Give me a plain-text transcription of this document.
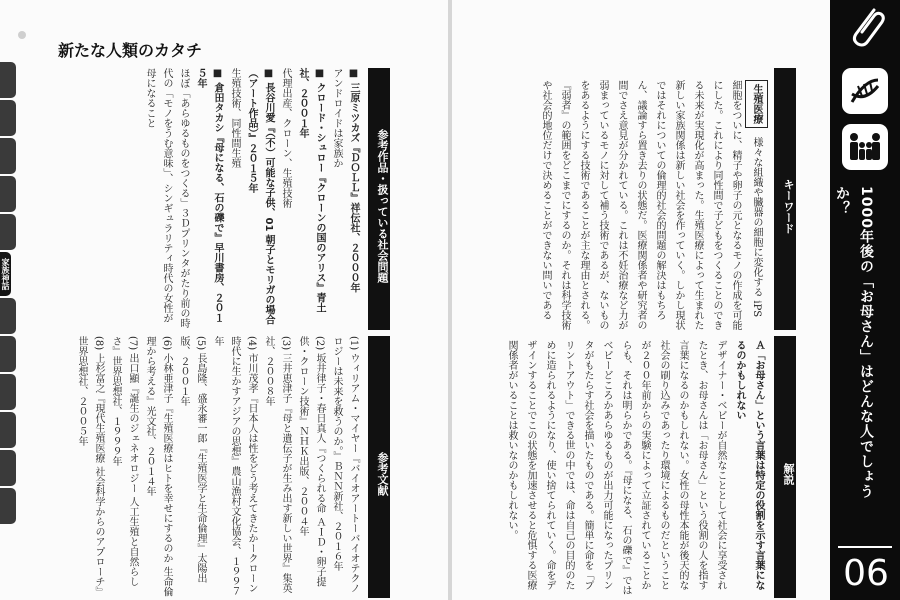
家族神話
新たな人類のカタチ
参考作品・扱っている社会問題
■ 三原ミツカズ『ＤＯＬＬ』祥伝社、２０００年
アンドロイドは家族か
■ クロード・シュロー『クローンの国のアリス』青土社、２００１年
代理出産、クローン、生殖技術
■ 長谷川愛『（不）可能な子供、01 朝子とモリガの場合（アート作品）』２０１５年
生殖技術、同性間生殖
■ 倉田タカシ『母になる、石の礫で』早川書房、２０１５年
ほぼ「あらゆるものをつくる」３Ｄプリンタがたり前の時代の「モノをうむ意味」、シンギュラリティ時代の女性が母になること
参考文献
(1) ウィリアム・マイヤー『バイオアートーバイオテクノロジーは未来を救うのか。』ＢＮＮ新社、２０１６年
(2) 坂井律子・春日真人『つくられる命 ＡＩＤ・卵子提供・クローン技術』ＮＨＫ出版、２００４年
(3) 三井恵津子『母と遺伝子が生み出す新しい世界』集英社、２００８年
(4) 市川茂孝『日本人は性をどう考えてきたかークローン時代に生かすアジアの思想』農山漁村文化協会、１９９７年
(5) 長島隆、盛永審一郎『生殖医学と生命倫理』太陽出版、２００１年
(6) 小林亜津子『生殖医療はヒトを幸せにするのか 生命倫理から考える』光文社、２０１４年
(7) 出口顯『誕生のジェネオロジー 人工生殖と自然らしさ』世界思想社、１９９９年
(8) 上杉富之『現代生殖医療 社会科学からのアプローチ』世界思想社、２００５年
キーワード
生殖医療 様々な組織や臓器の細胞に変化する iPS 細胞をついに、精子や卵子の元となるモノの作成を可能にした。これにより同性間で子どもをつくることのできる未来が実現化が高まった。生殖医療によって生まれた新しい家族関係は新しい社会を作っていく。しかし現状ではそれについての倫理的社会的問題の解決はもちろん、議論すら置き去りの状態だ。医療関係者や研究者の間でさえ意見が分かれている。これは不妊治療など力が弱まっているモノに対して補う技術であるが、ないものをあるようにする技術であることが主な理由とされる。『弱者』の範囲をどこまでにするのか。それは科学技術や社会的地位だけで決めることができない問いである
解説
Ａ「お母さん」という言葉は特定の役割を示す言葉になるのかもしれない
デザイナー・ベビーが自然なこととして社会に享受されたとき、お母さんは「お母さん」という役割の人を指す言葉になるのかもしれない。女性の母性本能が後天的な社会の刷り込みであったり環境によるものだということが２００年前からの実験によって立証されていることからも、それは明らかである。『母になる、石の礫で』ではベビーどころかあらゆるものが出力可能になったプリンタがもたらす社会を描いたものである。簡単に命を「プリントアウト」できる世の中では、命は自己の目的のために造られるようになり、使い捨てられていく。命をデザインすることでこの状態を加速させると危惧する医療関係者がいることは救いなのかもしれない。	1000年後の「お母さん」はどんな人でしょうか？
06
